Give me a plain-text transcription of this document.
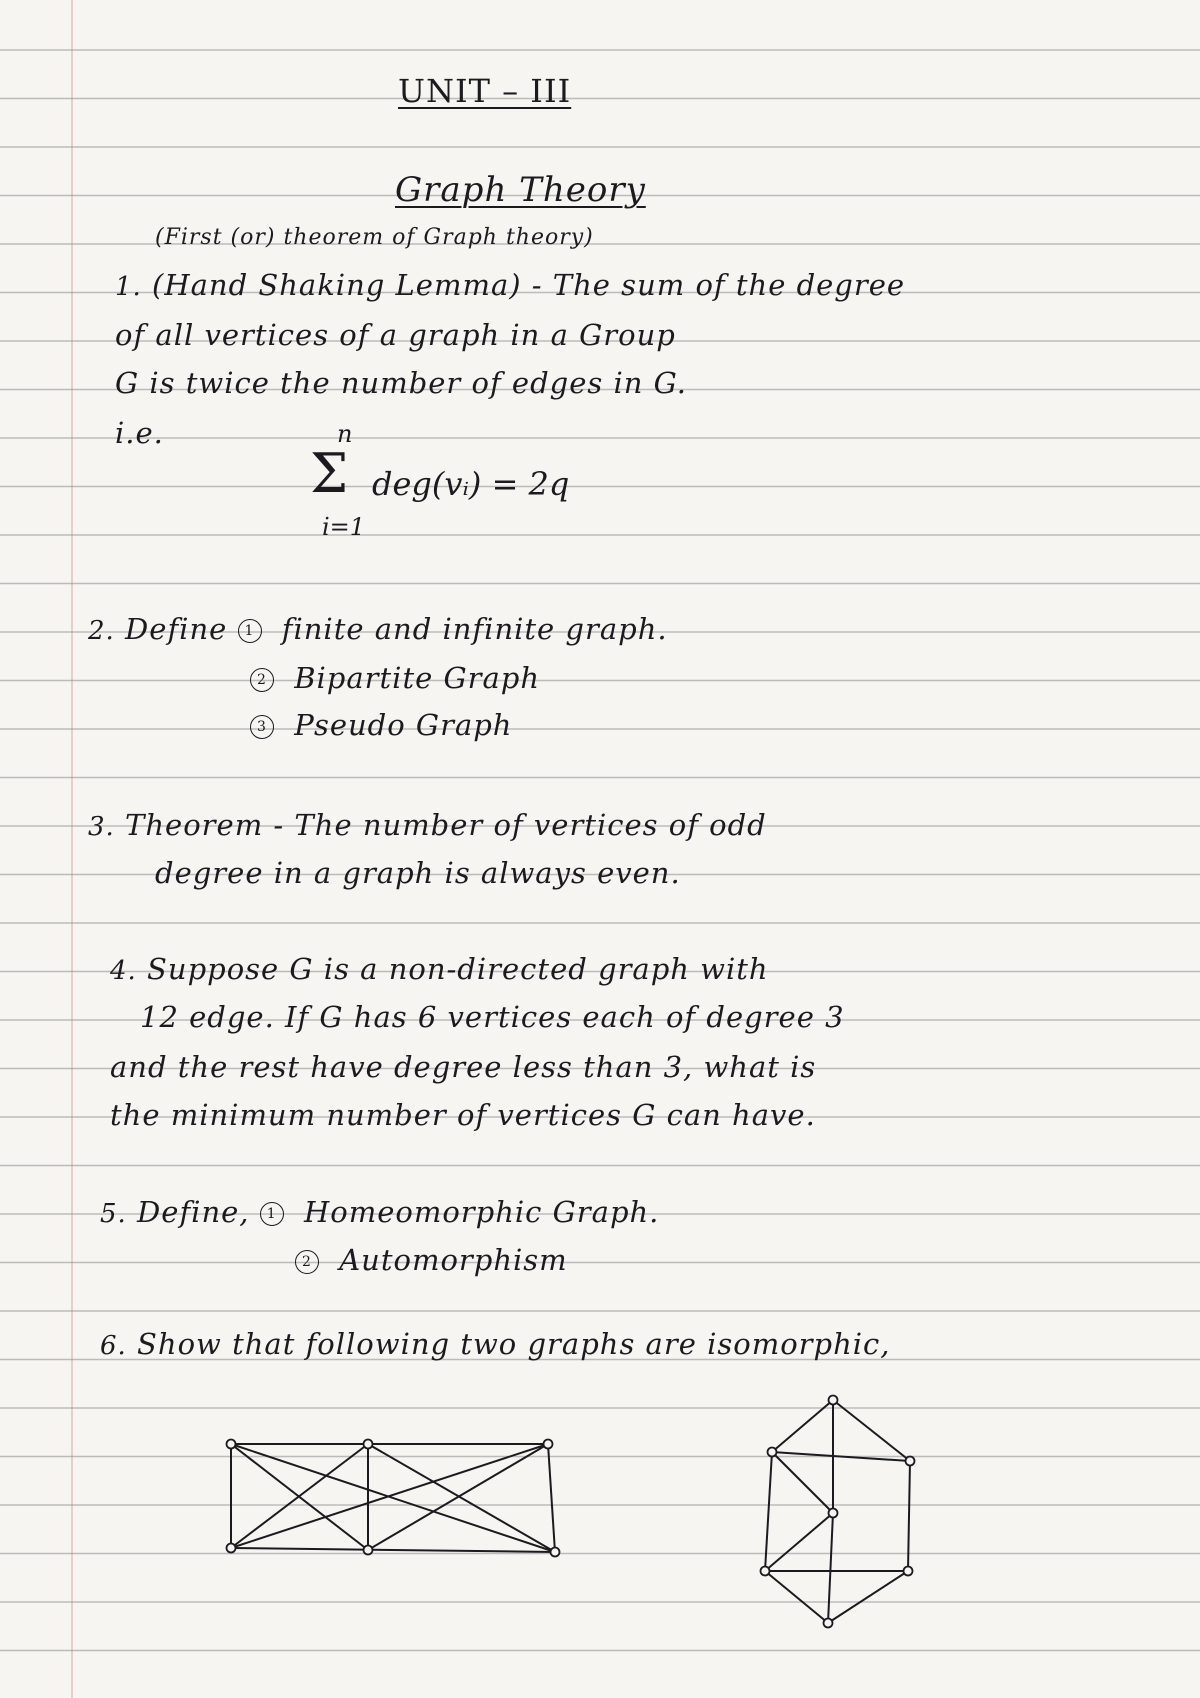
UNIT – III
Graph Theory
(First (or) theorem of Graph theory)
1. (Hand Shaking Lemma) - The sum of the degree
of all vertices of a graph in a Group
G is twice the number of edges in G.
i.e.	n
Σ
i=1
deg(vᵢ) = 2q
2. Define 1 finite and infinite graph.
2 Bipartite Graph
3 Pseudo Graph
3. Theorem - The number of vertices of odd
degree in a graph is always even.
4. Suppose G is a non-directed graph with
12 edge. If G has 6 vertices each of degree 3
and the rest have degree less than 3, what is
the minimum number of vertices G can have.
5. Define, 1 Homeomorphic Graph.
2 Automorphism
6. Show that following two graphs are isomorphic,
